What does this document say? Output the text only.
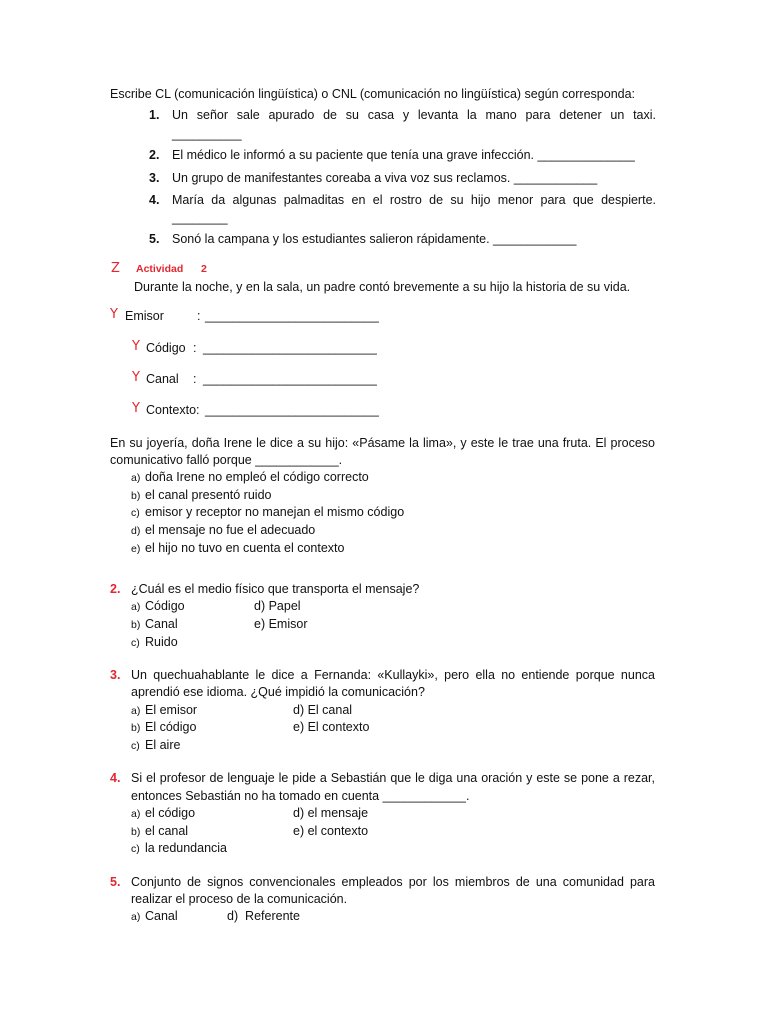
Escribe CL (comunicación lingüística) o CNL (comunicación no lingüística) según corresponda:
1. Un señor sale apurado de su casa y levanta la mano para detener un taxi.
__________
2. El médico le informó a su paciente que tenía una grave infección. ______________
3. Un grupo de manifestantes coreaba a viva voz sus reclamos. ____________
4. María da algunas palmaditas en el rostro de su hijo menor para que despierte.
________
5. Sonó la campana y los estudiantes salieron rápidamente. ____________
Z Actividad 2
Durante la noche, y en la sala, un padre contó brevemente a su hijo la historia de su vida.
Y Emisor	: _________________________
Y Código : _________________________
Y Canal : _________________________
Y Contexto: _________________________
En su joyería, doña Irene le dice a su hijo: «Pásame la lima», y este le trae una fruta. El proceso
comunicativo falló porque ____________.
a) doña Irene no empleó el código correcto
b) el canal presentó ruido
c) emisor y receptor no manejan el mismo código
d) el mensaje no fue el adecuado
e) el hijo no tuvo en cuenta el contexto
2. ¿Cuál es el medio físico que transporta el mensaje?
a) Código
b) Canal
c) Ruido
d) Papel
e) Emisor
3. Un quechuahablante le dice a Fernanda: «Kullayki», pero ella no entiende porque nunca
aprendió ese idioma. ¿Qué impidió la comunicación?
a) El emisor
b) El código
c) El aire
d) El canal
e) El contexto
4. Si el profesor de lenguaje le pide a Sebastián que le diga una oración y este se pone a rezar,
entonces Sebastián no ha tomado en cuenta ____________.
a) el código
b) el canal
c) la redundancia
d) el mensaje
e) el contexto
5. Conjunto de signos convencionales empleados por los miembros de una comunidad para
realizar el proceso de la comunicación.
a) Canal	d)  Referente
